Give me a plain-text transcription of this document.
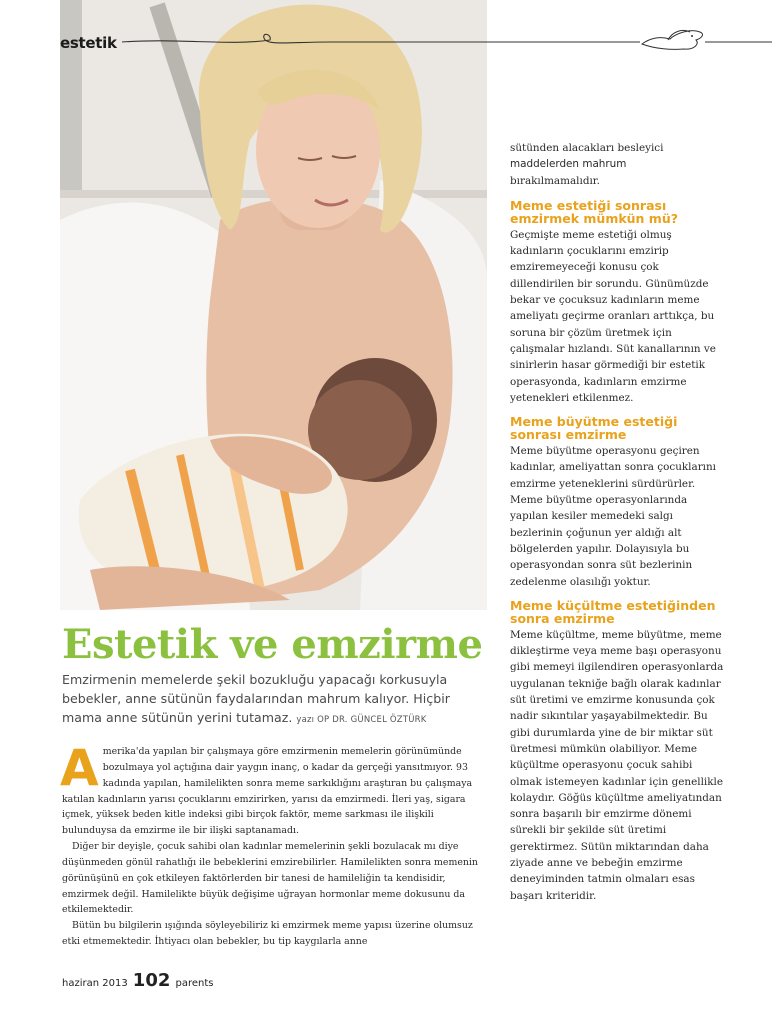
estetik

sütünden alacakları besleyici

maddelerden mahrum

bırakılmamalıdır.

Meme estetiği sonrası emzirmek mümkün mü?

Geçmişte meme estetiği olmuş kadınların çocuklarını emzirip emziremeyeceği konusu çok dillendirilen bir sorundu. Günümüzde bekar ve çocuksuz kadınların meme ameliyatı geçirme oranları arttıkça, bu soruna bir çözüm üretmek için çalışmalar hızlandı. Süt kanallarının ve sinirlerin hasar görmediği bir estetik operasyonda, kadınların emzirme yetenekleri etkilenmez.

Meme büyütme estetiği sonrası emzirme

Meme büyütme operasyonu geçiren kadınlar, ameliyattan sonra çocuklarını emzirme yeteneklerini sürdürürler. Meme büyütme operasyonlarında yapılan kesiler memedeki salgı bezlerinin çoğunun yer aldığı alt bölgelerden yapılır. Dolayısıyla bu operasyondan sonra süt bezlerinin zedelenme olasılığı yoktur.

Meme küçültme estetiğinden sonra emzirme

Meme küçültme, meme büyütme, meme dikleştirme veya meme başı operasyonu gibi memeyi ilgilendiren operasyonlarda uygulanan tekniğe bağlı olarak kadınlar süt üretimi ve emzirme konusunda çok nadir sıkıntılar yaşayabilmektedir. Bu gibi durumlarda yine de bir miktar süt üretmesi mümkün olabiliyor. Meme küçültme operasyonu çocuk sahibi olmak istemeyen kadınlar için genellikle kolaydır. Göğüs küçültme ameliyatından sonra başarılı bir emzirme dönemi sürekli bir şekilde süt üretimi gerektirmez. Sütün miktarından daha ziyade anne ve bebeğin emzirme deneyiminden tatmin olmaları esas başarı kriteridir.

Estetik ve emzirme
Emzirmenin memelerde şekil bozukluğu yapacağı korkusuyla bebekler, anne sütünün faydalarından mahrum kalıyor. Hiçbir mama anne sütünün yerini tutamaz. yazı OP DR. GÜNCEL ÖZTÜRK

Amerika'da yapılan bir çalışmaya göre emzirmenin memelerin görünümünde bozulmaya yol açtığına dair yaygın inanç, o kadar da gerçeği yansıtmıyor. 93 kadında yapılan, hamilelikten sonra meme sarkıklığını araştıran bu çalışmaya katılan kadınların yarısı çocuklarını emzirirken, yarısı da emzirmedi. İleri yaş, sigara içmek, yüksek beden kitle indeksi gibi birçok faktör, meme sarkması ile ilişkili bulunduysa da emzirme ile bir ilişki saptanamadı.

Diğer bir deyişle, çocuk sahibi olan kadınlar memelerinin şekli bozulacak mı diye düşünmeden gönül rahatlığı ile bebeklerini emzirebilirler. Hamilelikten sonra memenin görünüşünü en çok etkileyen faktörlerden bir tanesi de hamileliğin ta kendisidir, emzirmek değil. Hamilelikte büyük değişime uğrayan hormonlar meme dokusunu da etkilemektedir.

Bütün bu bilgilerin ışığında söyleyebiliriz ki emzirmek meme yapısı üzerine olumsuz etki etmemektedir. İhtiyacı olan bebekler, bu tip kaygılarla anne

haziran 2013 102 parents
